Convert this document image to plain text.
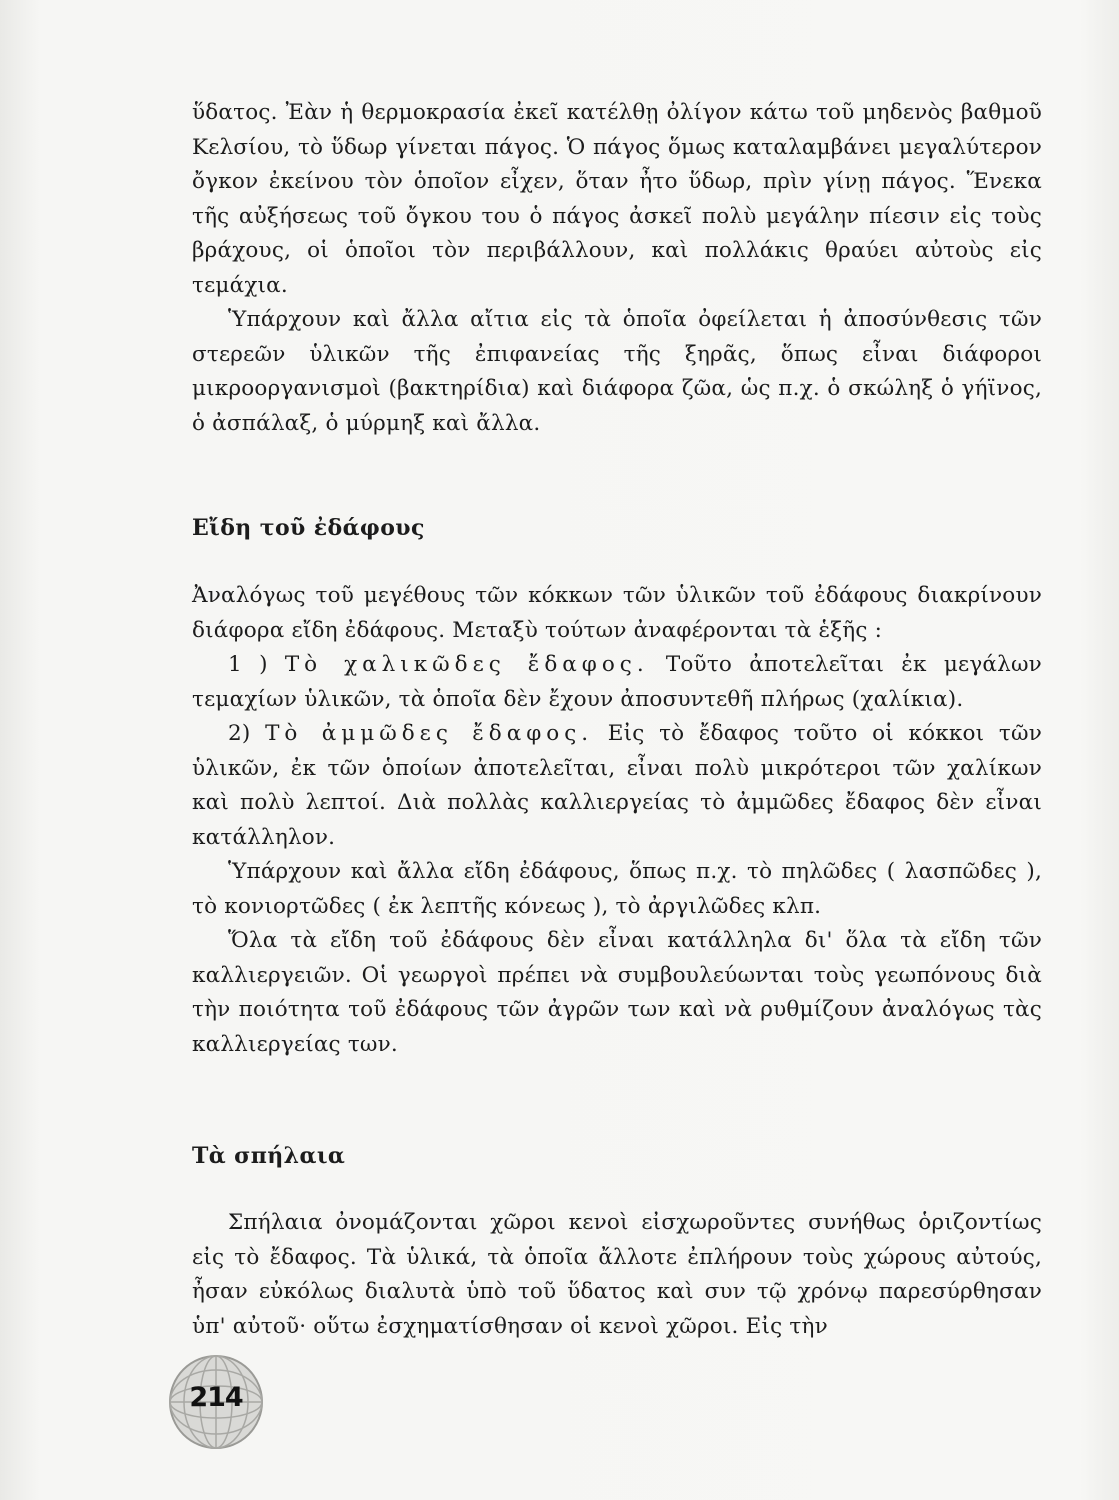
ὕδατος. Ἐὰν ἡ θερμοκρασία ἐκεῖ κατέλθῃ ὀλίγον κάτω τοῦ μηδενὸς βαθμοῦ Κελσίου, τὸ ὕδωρ γίνεται πάγος. Ὁ πάγος ὅμως καταλαμβάνει μεγαλύτερον ὄγκον ἐκείνου τὸν ὁποῖον εἶχεν, ὅταν ἦτο ὕδωρ, πρὶν γίνῃ πάγος. Ἕνεκα τῆς αὐξήσεως τοῦ ὄγκου του ὁ πάγος ἀσκεῖ πολὺ μεγάλην πίεσιν εἰς τοὺς βράχους, οἱ ὁποῖοι τὸν περιβάλλουν, καὶ πολλάκις θραύει αὐτοὺς εἰς τεμάχια.

Ὑπάρχουν καὶ ἄλλα αἴτια εἰς τὰ ὁποῖα ὀφείλεται ἡ ἀποσύνθεσις τῶν στερεῶν ὑλικῶν τῆς ἐπιφανείας τῆς ξηρᾶς, ὅπως εἶναι διάφοροι μικροοργανισμοὶ (βακτηρίδια) καὶ διάφορα ζῶα, ὡς π.χ. ὁ σκώληξ ὁ γήϊνος, ὁ ἀσπάλαξ, ὁ μύρμηξ καὶ ἄλλα.

Εἴδη τοῦ ἐδάφους

Ἀναλόγως τοῦ μεγέθους τῶν κόκκων τῶν ὑλικῶν τοῦ ἐδάφους διακρίνουν διάφορα εἴδη ἐδάφους. Μεταξὺ τούτων ἀναφέρονται τὰ ἑξῆς :

1 ) Τὸ χαλικῶδες ἔδαφος. Τοῦτο ἀποτελεῖται ἐκ μεγάλων τεμαχίων ὑλικῶν, τὰ ὁποῖα δὲν ἔχουν ἀποσυντεθῆ πλήρως (χαλίκια).

2) Τὸ ἀμμῶδες ἔδαφος. Εἰς τὸ ἔδαφος τοῦτο οἱ κόκκοι τῶν ὑλικῶν, ἐκ τῶν ὁποίων ἀποτελεῖται, εἶναι πολὺ μικρότεροι τῶν χαλίκων καὶ πολὺ λεπτοί. Διὰ πολλὰς καλλιεργείας τὸ ἀμμῶδες ἔδαφος δὲν εἶναι κατάλληλον.

Ὑπάρχουν καὶ ἄλλα εἴδη ἐδάφους, ὅπως π.χ. τὸ πηλῶδες ( λασπῶδες ), τὸ κονιορτῶδες ( ἐκ λεπτῆς κόνεως ), τὸ ἀργιλῶδες κλπ.

Ὅλα τὰ εἴδη τοῦ ἐδάφους δὲν εἶναι κατάλληλα δι' ὅλα τὰ εἴδη τῶν καλλιεργειῶν. Οἱ γεωργοὶ πρέπει νὰ συμβουλεύωνται τοὺς γεωπόνους διὰ τὴν ποιότητα τοῦ ἐδάφους τῶν ἀγρῶν των καὶ νὰ ρυθμίζουν ἀναλόγως τὰς καλλιεργείας των.

Τὰ σπήλαια

Σπήλαια ὀνομάζονται χῶροι κενοὶ εἰσχωροῦντες συνήθως ὁριζοντίως εἰς τὸ ἔδαφος. Τὰ ὑλικά, τὰ ὁποῖα ἄλλοτε ἐπλήρουν τοὺς χώρους αὐτούς, ἦσαν εὐκόλως διαλυτὰ ὑπὸ τοῦ ὕδατος καὶ συν τῷ χρόνῳ παρεσύρθησαν ὑπ' αὐτοῦ· οὕτω ἐσχηματίσθησαν οἱ κενοὶ χῶροι. Εἰς τὴν

214
